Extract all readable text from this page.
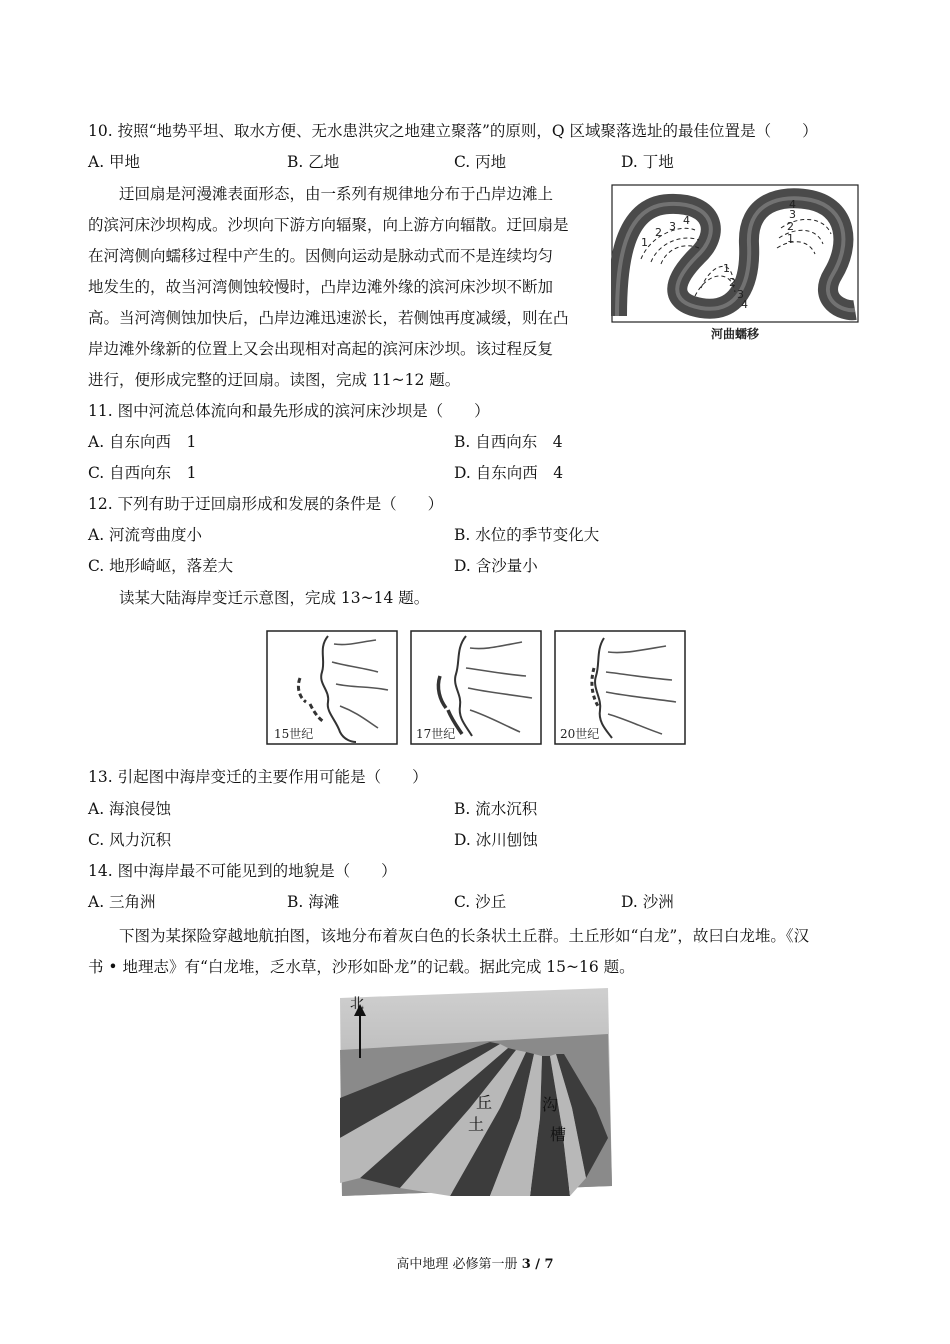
10. 按照“地势平坦、取水方便、无水患洪灾之地建立聚落”的原则，Q 区域聚落选址的最佳位置是（　　）
A. 甲地	B. 乙地	C. 丙地	D. 丁地

迂回扇是河漫滩表面形态，由一系列有规律地分布于凸岸边滩上

的滨河床沙坝构成。沙坝向下游方向辐聚，向上游方向辐散。迂回扇是

在河湾侧向蠕移过程中产生的。因侧向运动是脉动式而不是连续均匀

地发生的，故当河湾侧蚀较慢时，凸岸边滩外缘的滨河床沙坝不断加

高。当河湾侧蚀加快后，凸岸边滩迅速淤长，若侧蚀再度减缓，则在凸

岸边滩外缘新的位置上又会出现相对高起的滨河床沙坝。该过程反复

进行，便形成完整的迂回扇。读图，完成 11~12 题。

1
2 3 4
1
2
3
4
1
2
3
4
河曲蠕移
11. 图中河流总体流向和最先形成的滨河床沙坝是（　　）
A. 自东向西　1	B. 自西向东　4
C. 自西向东　1	D. 自东向西　4
12. 下列有助于迂回扇形成和发展的条件是（　　）
A. 河流弯曲度小	B. 水位的季节变化大
C. 地形崎岖，落差大	D. 含沙量小
读某大陆海岸变迁示意图，完成 13~14 题。
15世纪	17世纪	20世纪
13. 引起图中海岸变迁的主要作用可能是（　　）
A. 海浪侵蚀	B. 流水沉积
C. 风力沉积	D. 冰川刨蚀
14. 图中海岸最不可能见到的地貌是（　　）
A. 三角洲	B. 海滩	C. 沙丘	D. 沙洲

下图为某探险穿越地航拍图，该地分布着灰白色的长条状土丘群。土丘形如“白龙”，故曰白龙堆。《汉

书 • 地理志》有“白龙堆，乏水草，沙形如卧龙”的记载。据此完成 15~16 题。

北
丘
土
沟
槽
高中地理 必修第一册 3 / 7
